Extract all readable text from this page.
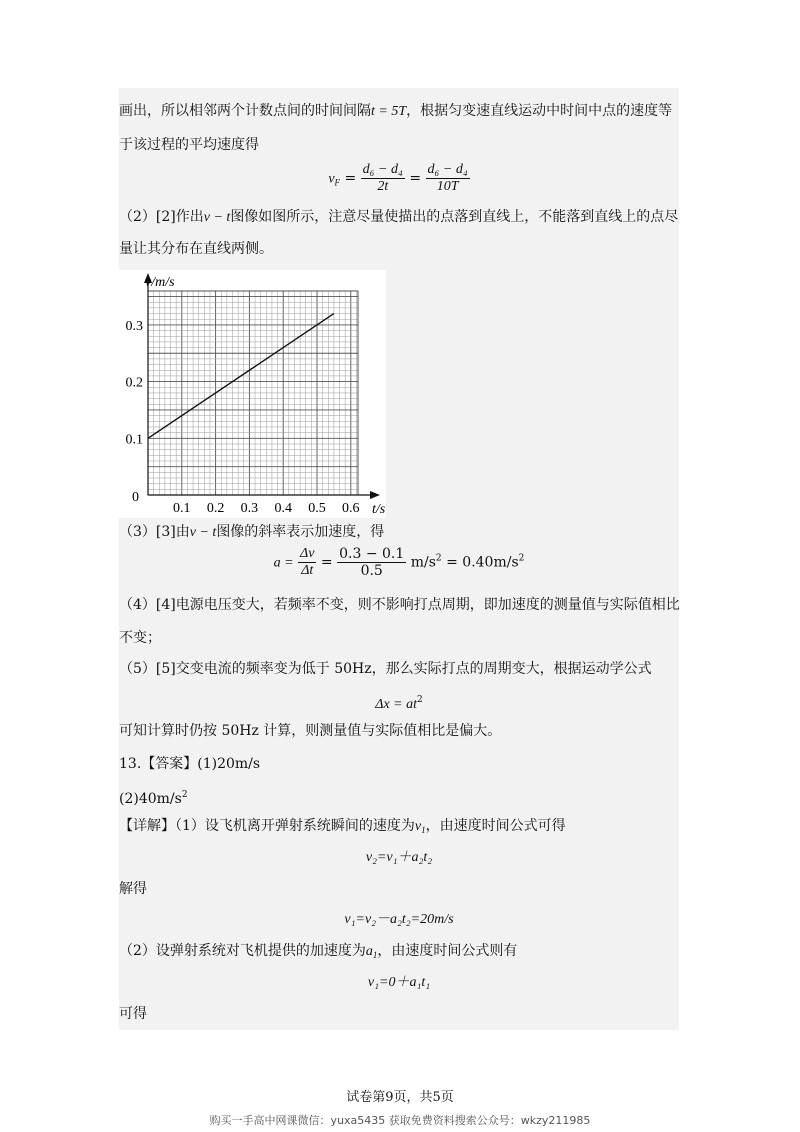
画出，所以相邻两个计数点间的时间间隔t = 5T，根据匀变速直线运动中时间中点的速度等
于该过程的平均速度得
$v_F = \frac{\text{d₆ − d₄}}{2t} = \frac{\text{d₆ − d₄}}{10T}$
（2）[2]作出v − t图像如图所示，注意尽量使描出的点落到直线上，不能落到直线上的点尽
量让其分布在直线两侧。
0.1 0.2 0.3 0.4 0.5 0.6
0.1
0.2
0.3
0
t/s
v/m/s
（3）[3]由v − t图像的斜率表示加速度，得
$a = \frac{\Delta v}{\Delta t} = \frac{0.3 - 0.1}{0.5} m/s^2 = 0.40m/s^2$
（4）[4]电源电压变大，若频率不变，则不影响打点周期，即加速度的测量值与实际值相比
不变；
（5）[5]交变电流的频率变为低于 50Hz，那么实际打点的周期变大，根据运动学公式
$\Delta x = at^2$
可知计算时仍按 50Hz 计算，则测量值与实际值相比是偏大。
13.【答案】(1)20m/s
$(2)40m/s^2$
【详解】（1）设飞机离开弹射系统瞬间的速度为$v_1$，由速度时间公式可得
v₂=v₁＋a₂t₂
解得
v₁=v₂－a₂t₂=20m/s
（2）设弹射系统对飞机提供的加速度为$a_1$，由速度时间公式则有
v₁=0＋a₁t₁
可得
试卷第9页，共5页
购买一手高中网课微信：yuxa5435 获取免费资料搜索公众号：wkzy211985
